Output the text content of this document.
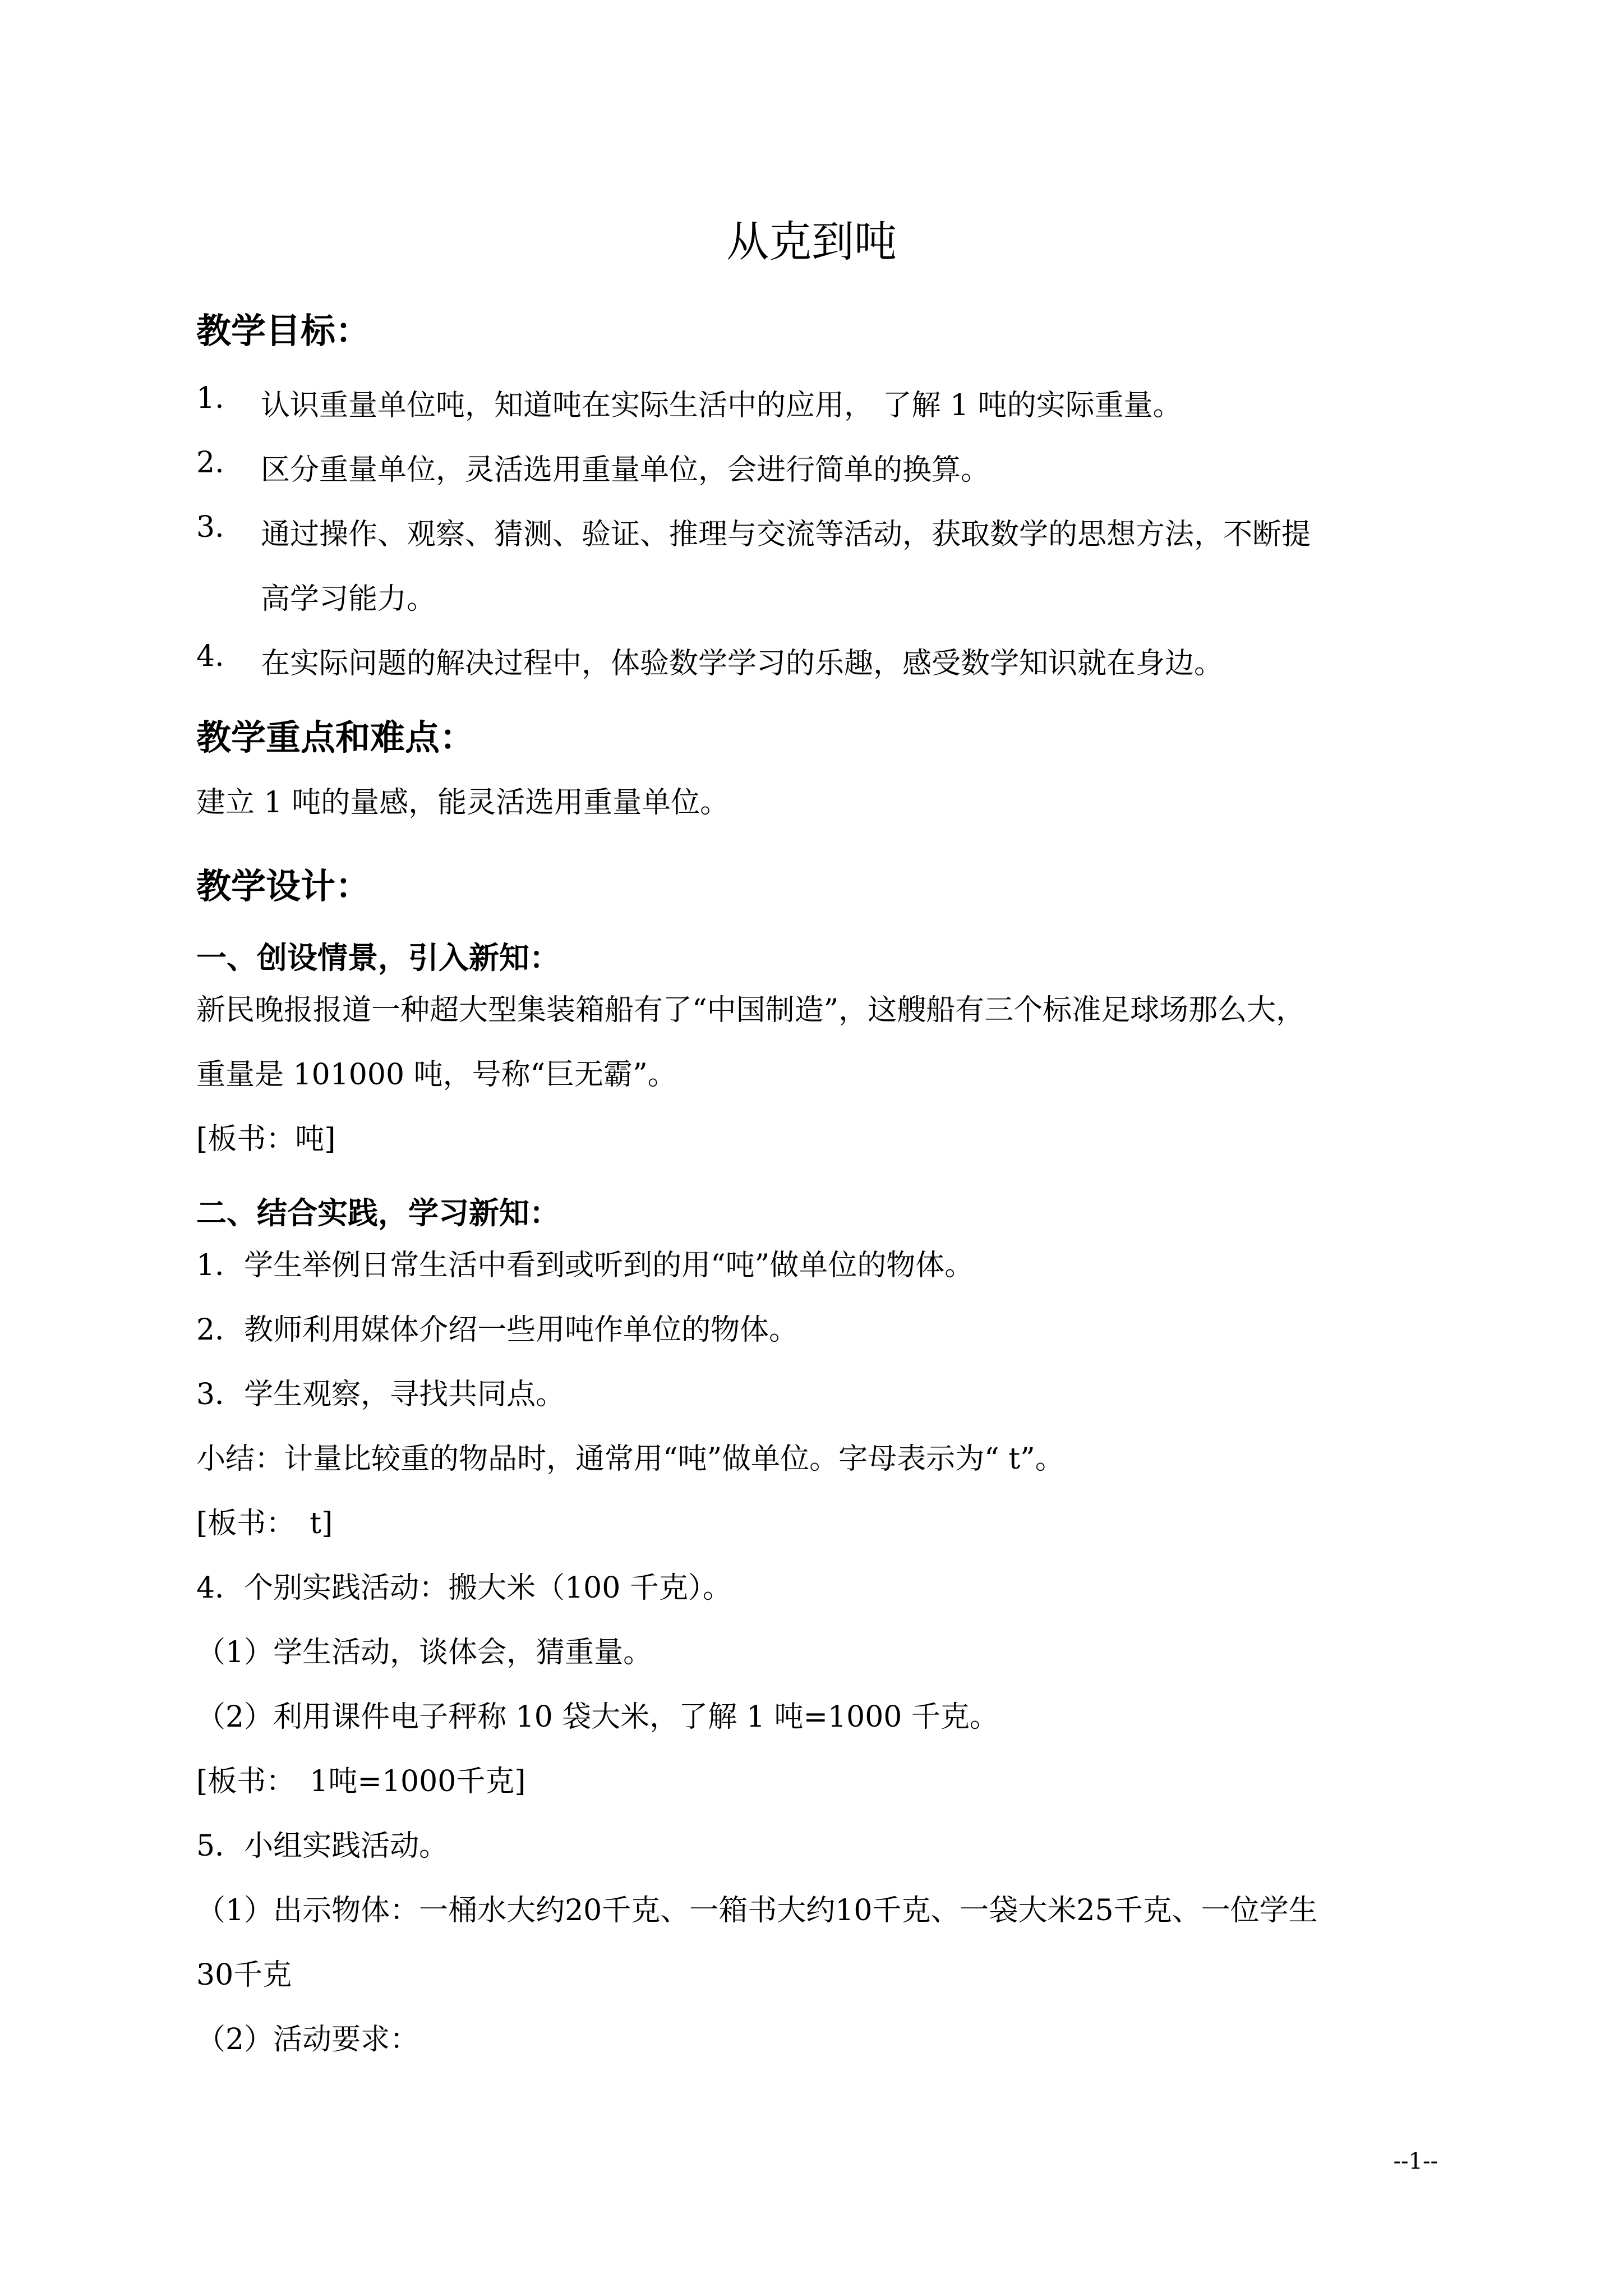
从克到吨
教学目标：
1. 认识重量单位吨，知道吨在实际生活中的应用， 了解 1 吨的实际重量。
2. 区分重量单位，灵活选用重量单位，会进行简单的换算。
3. 通过操作、观察、猜测、验证、推理与交流等活动，获取数学的思想方法，不断提
高学习能力。
4. 在实际问题的解决过程中，体验数学学习的乐趣，感受数学知识就在身边。
教学重点和难点：
建立 1 吨的量感，能灵活选用重量单位。
教学设计：
一、创设情景，引入新知：
新民晚报报道一种超大型集装箱船有了“中国制造”，这艘船有三个标准足球场那么大，
重量是 101000 吨，号称“巨无霸”。
[板书：吨]
二、结合实践，学习新知：
1．学生举例日常生活中看到或听到的用“吨”做单位的物体。
2．教师利用媒体介绍一些用吨作单位的物体。
3．学生观察，寻找共同点。
小结：计量比较重的物品时，通常用“吨”做单位。字母表示为“ t”。
[板书：　t]
4．个别实践活动：搬大米（100 千克）。
（1）学生活动，谈体会，猜重量。
（2）利用课件电子秤称 10 袋大米，了解 1 吨=1000 千克。
[板书：　1吨=1000千克]
5．小组实践活动。
（1）出示物体：一桶水大约20千克、一箱书大约10千克、一袋大米25千克、一位学生
30千克
（2）活动要求：
--1--
